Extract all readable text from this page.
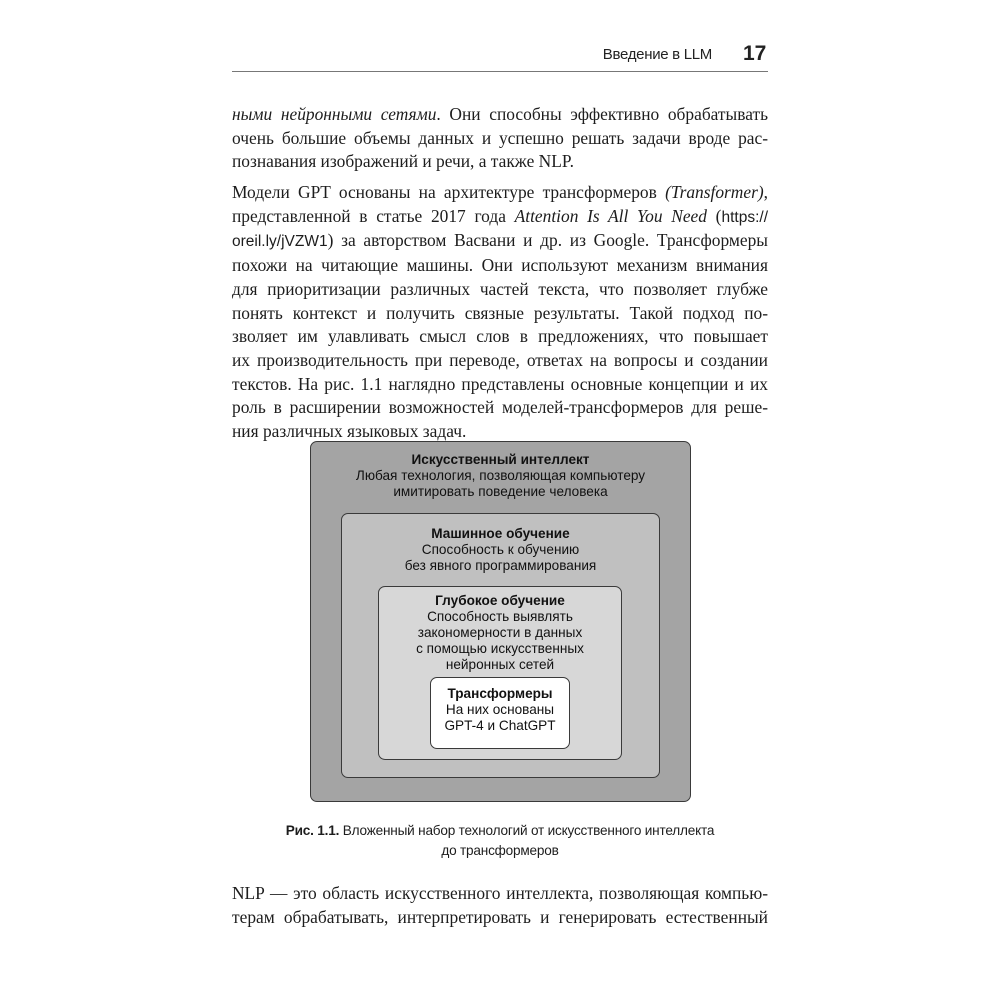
Введение в LLM 17
ными нейронными сетями. Они способны эффективно обрабатывать
очень большие объемы данных и успешно решать задачи вроде рас-
познавания изображений и речи, а также NLP.
Модели GPT основаны на архитектуре трансформеров (Transformer),
представленной в статье 2017 года Attention Is All You Need (https://
oreil.ly/jVZW1) за авторством Васвани и др. из Google. Трансформеры
похожи на читающие машины. Они используют механизм внимания
для приоритизации различных частей текста, что позволяет глубже
понять контекст и получить связные результаты. Такой подход по-
зволяет им улавливать смысл слов в предложениях, что повышает
их производительность при переводе, ответах на вопросы и создании
текстов. На рис. 1.1 наглядно представлены основные концепции и их
роль в расширении возможностей моделей-трансформеров для реше-
ния различных языковых задач.
Искусственный интеллект
Любая технология, позволяющая компьютеру
имитировать поведение человека
Машинное обучение
Способность к обучению
без явного программирования
Глубокое обучение
Способность выявлять
закономерности в данных
с помощью искусственных
нейронных сетей
Трансформеры
На них основаны
GPT-4 и ChatGPT
Рис. 1.1. Вложенный набор технологий от искусственного интеллекта
до трансформеров
NLP — это область искусственного интеллекта, позволяющая компью-
терам обрабатывать, интерпретировать и генерировать естественный
